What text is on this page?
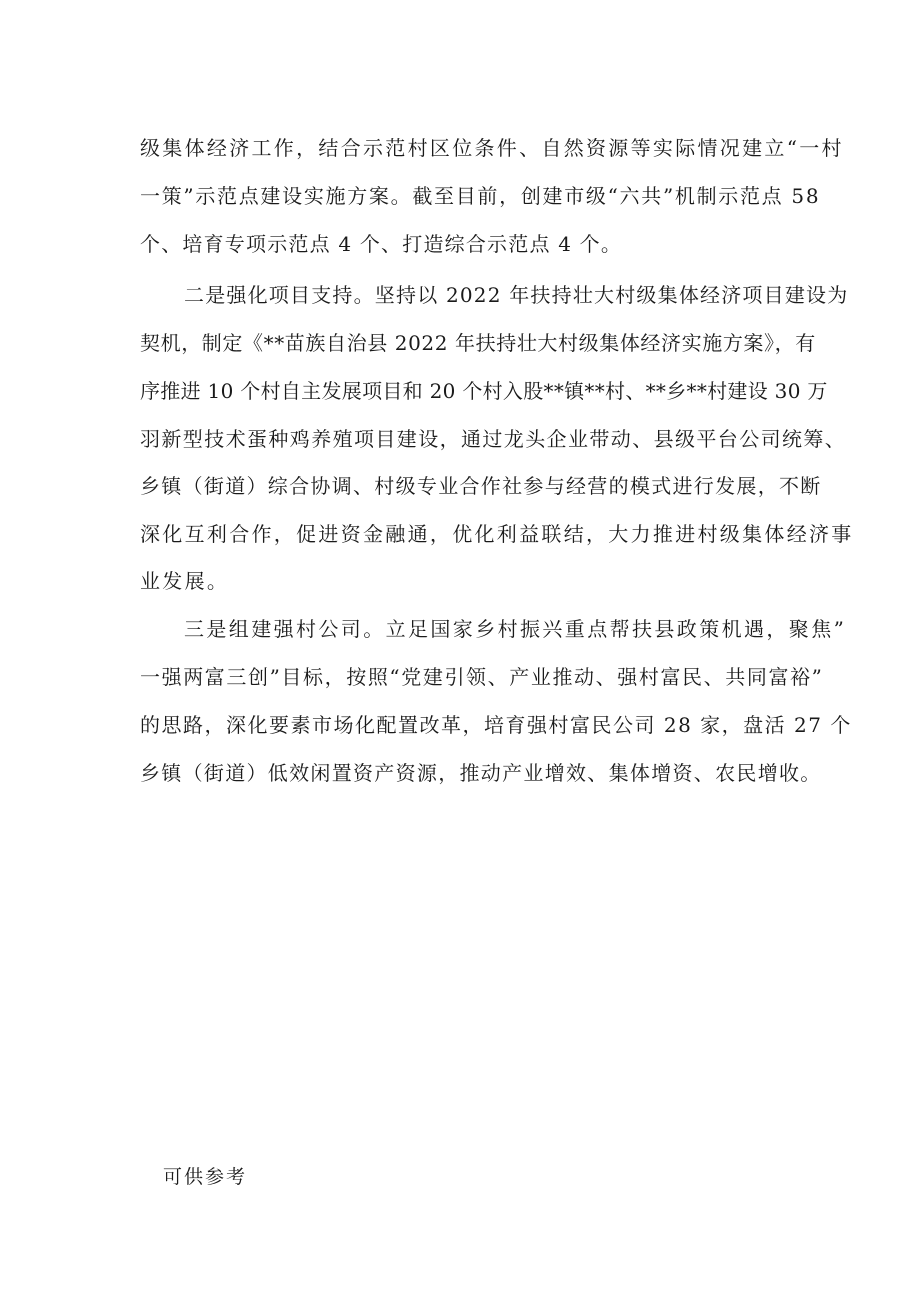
级集体经济工作，结合示范村区位条件、自然资源等实际情况建立“一村
一策”示范点建设实施方案。截至目前，创建市级“六共”机制示范点 58
个、培育专项示范点 4 个、打造综合示范点 4 个。
二是强化项目支持。坚持以 2022 年扶持壮大村级集体经济项目建设为
契机，制定《**苗族自治县 2022 年扶持壮大村级集体经济实施方案》，有
序推进 10 个村自主发展项目和 20 个村入股**镇**村、**乡**村建设 30 万
羽新型技术蛋种鸡养殖项目建设，通过龙头企业带动、县级平台公司统筹、
乡镇（街道）综合协调、村级专业合作社参与经营的模式进行发展，不断
深化互利合作，促进资金融通，优化利益联结，大力推进村级集体经济事
业发展。
三是组建强村公司。立足国家乡村振兴重点帮扶县政策机遇，聚焦”
一强两富三创”目标，按照“党建引领、产业推动、强村富民、共同富裕”
的思路，深化要素市场化配置改革，培育强村富民公司 28 家，盘活 27 个
乡镇（街道）低效闲置资产资源，推动产业增效、集体增资、农民增收。
可供参考
